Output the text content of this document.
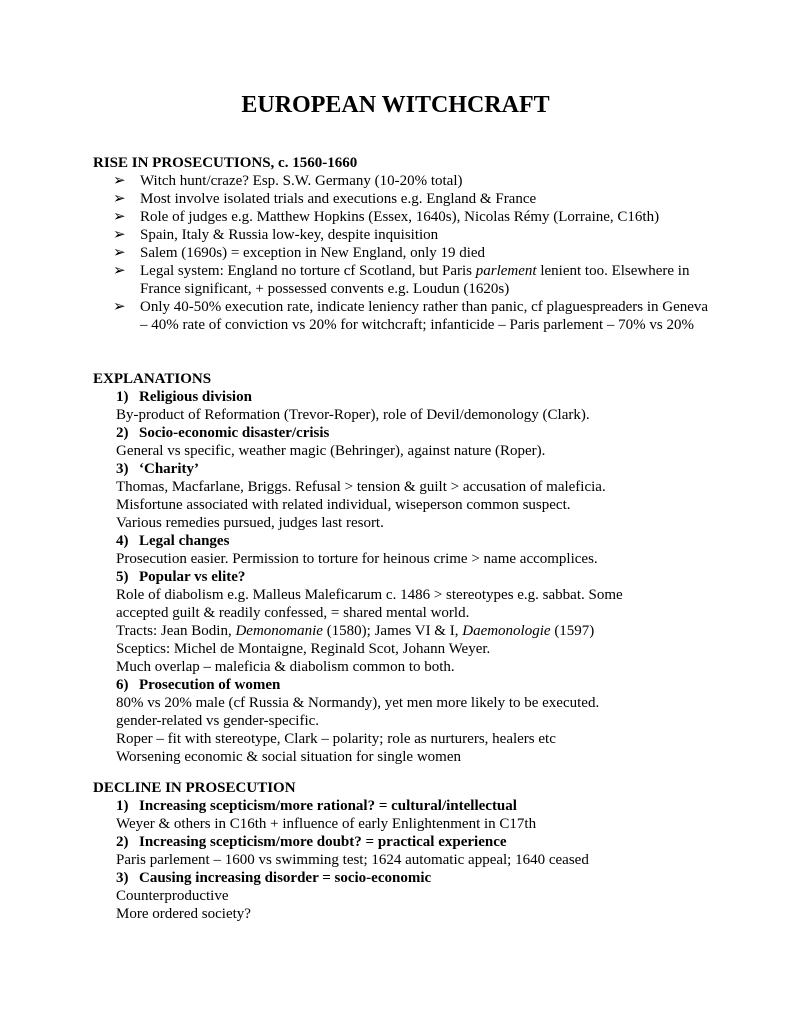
EUROPEAN WITCHCRAFT

RISE IN PROSECUTIONS, c. 1560-1660

➢ Witch hunt/craze? Esp. S.W. Germany (10-20% total)
➢ Most involve isolated trials and executions e.g. England & France
➢ Role of judges e.g. Matthew Hopkins (Essex, 1640s), Nicolas Rémy (Lorraine, C16th)
➢ Spain, Italy & Russia low-key, despite inquisition
➢ Salem (1690s) = exception in New England, only 19 died
➢ Legal system: England no torture cf Scotland, but Paris parlement lenient too. Elsewhere in France significant, + possessed convents e.g. Loudun (1620s)
➢ Only 40-50% execution rate, indicate leniency rather than panic, cf plaguespreaders in Geneva – 40% rate of conviction vs 20% for witchcraft; infanticide – Paris parlement – 70% vs 20%

EXPLANATIONS

1) Religious division

By-product of Reformation (Trevor-Roper), role of Devil/demonology (Clark).

2) Socio-economic disaster/crisis

General vs specific, weather magic (Behringer), against nature (Roper).

3) ‘Charity’

Thomas, Macfarlane, Briggs. Refusal > tension & guilt > accusation of maleficia.

Misfortune associated with related individual, wiseperson common suspect.

Various remedies pursued, judges last resort.

4) Legal changes

Prosecution easier. Permission to torture for heinous crime > name accomplices.

5) Popular vs elite?

Role of diabolism e.g. Malleus Maleficarum c. 1486 > stereotypes e.g. sabbat. Some

accepted guilt & readily confessed, = shared mental world.

Tracts: Jean Bodin, Demonomanie (1580); James VI & I, Daemonologie (1597)

Sceptics: Michel de Montaigne, Reginald Scot, Johann Weyer.

Much overlap – maleficia & diabolism common to both.

6) Prosecution of women

80% vs 20% male (cf Russia & Normandy), yet men more likely to be executed.

gender-related vs gender-specific.

Roper – fit with stereotype, Clark – polarity; role as nurturers, healers etc

Worsening economic & social situation for single women

DECLINE IN PROSECUTION

1) Increasing scepticism/more rational? = cultural/intellectual

Weyer & others in C16th + influence of early Enlightenment in C17th

2) Increasing scepticism/more doubt? = practical experience

Paris parlement – 1600 vs swimming test; 1624 automatic appeal; 1640 ceased

3) Causing increasing disorder = socio-economic

Counterproductive

More ordered society?
